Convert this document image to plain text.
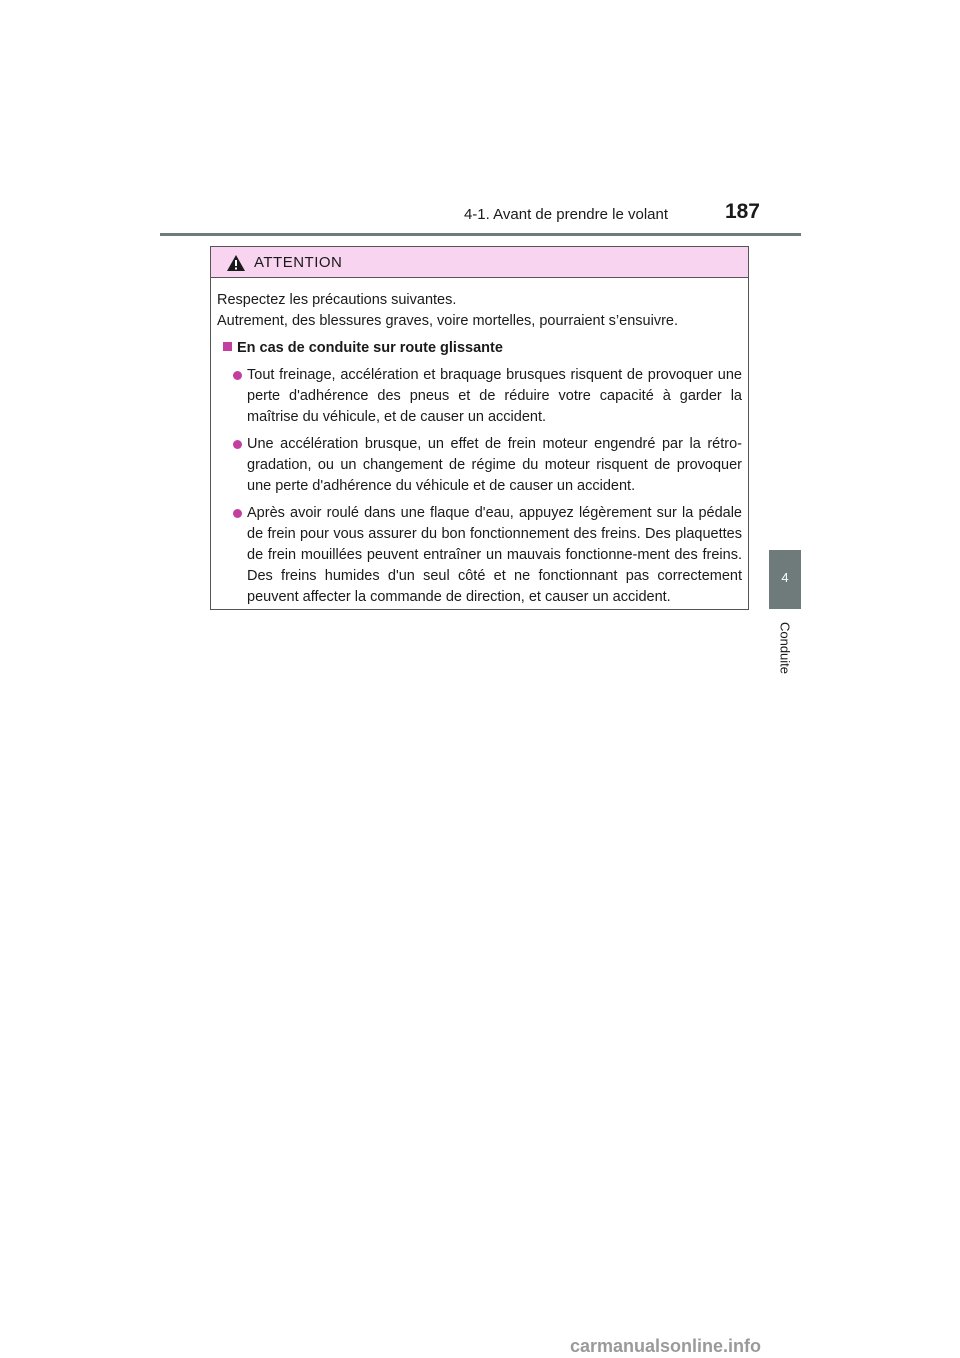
4-1. Avant de prendre le volant	187
4
Conduite
ATTENTION

Respectez les précautions suivantes.

Autrement, des blessures graves, voire mortelles, pourraient s’ensuivre.

En cas de conduite sur route glissante
Tout freinage, accélération et braquage brusques risquent de provoquer une perte d'adhérence des pneus et de réduire votre capacité à garder la maîtrise du véhicule, et de causer un accident.
Une accélération brusque, un effet de frein moteur engendré par la rétro-gradation, ou un changement de régime du moteur risquent de provoquer une perte d'adhérence du véhicule et de causer un accident.
Après avoir roulé dans une flaque d'eau, appuyez légèrement sur la pédale de frein pour vous assurer du bon fonctionnement des freins. Des plaquettes de frein mouillées peuvent entraîner un mauvais fonctionne-ment des freins. Des freins humides d'un seul côté et ne fonctionnant pas correctement peuvent affecter la commande de direction, et causer un accident.
carmanualsonline.info
